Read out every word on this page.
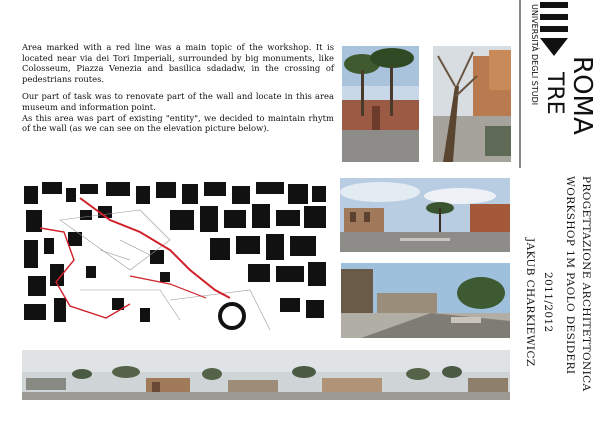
Area marked with a red line was a main topic of the workshop. It is located near via dei Tori Imperiali, surrounded by big monuments, like Colosseum, Piazza Venezia and basilica sdadadw, in the crossing of pedestrians routes.

Our part of task was to renovate part of the wall and locate in this area museum and information point.

As this area was part of existing "entity", we decided to maintain rhytm of the wall (as we can see on the elevation picture below).

UNIVERSITÀ DEGLI STUDI ROMA
TRE
PROGETTAZIONE ARCHITETTONICA
WORKSHOP 1M PAOLO DESIDERI
2011/2012
JAKUB CHARKIEWICZ
